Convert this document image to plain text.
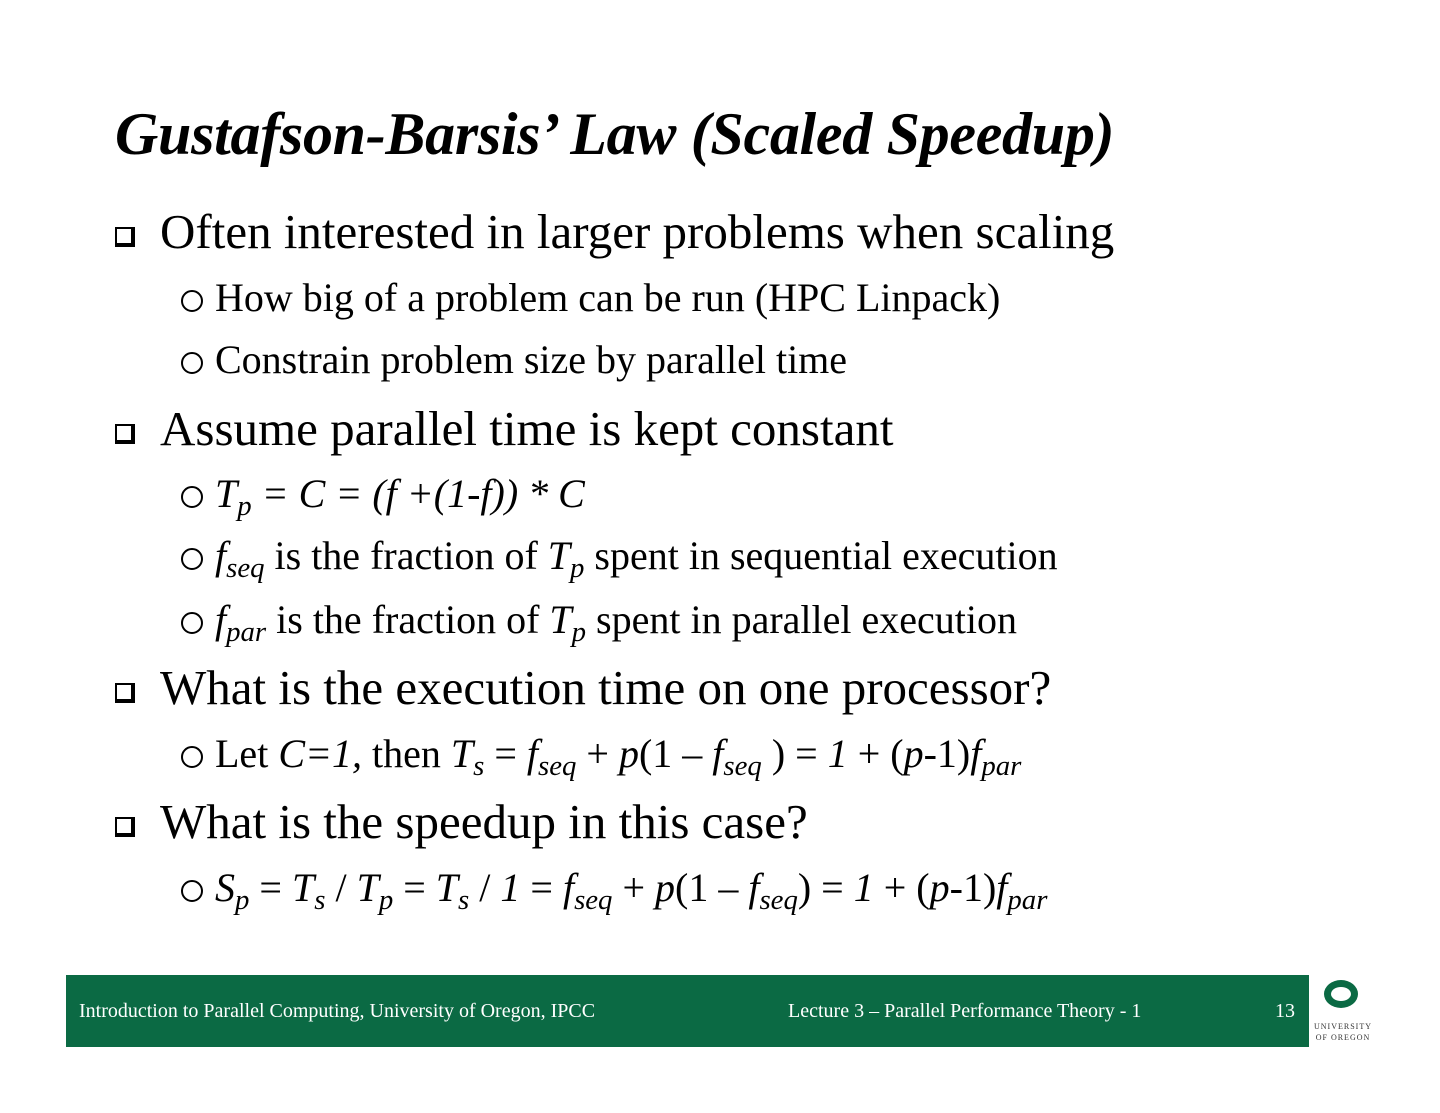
Gustafson-Barsis’ Law (Scaled Speedup)
Often interested in larger problems when scaling
How big of a problem can be run (HPC Linpack)
Constrain problem size by parallel time
Assume parallel time is kept constant
$T_p = C = (f +(1-f)) * C$
$f_{seq}$ is the fraction of $T_p$ spent in sequential execution
$f_{par}$ is the fraction of $T_p$ spent in parallel execution
What is the execution time on one processor?
Let C=1, then $T_s = f_{seq} + p(1 - f_{seq}$ ) = $1 + (p-1)f_{par}$
What is the speedup in this case?
$S_p = T_s / T_p = T_s / 1 = f_{seq} + p(1 - f_{seq}) = 1 + (p-1)f_{par}$
Introduction to Parallel Computing, University of Oregon, IPCC	Lecture 3 – Parallel Performance Theory - 1	13
UNIVERSITY
OF OREGON
